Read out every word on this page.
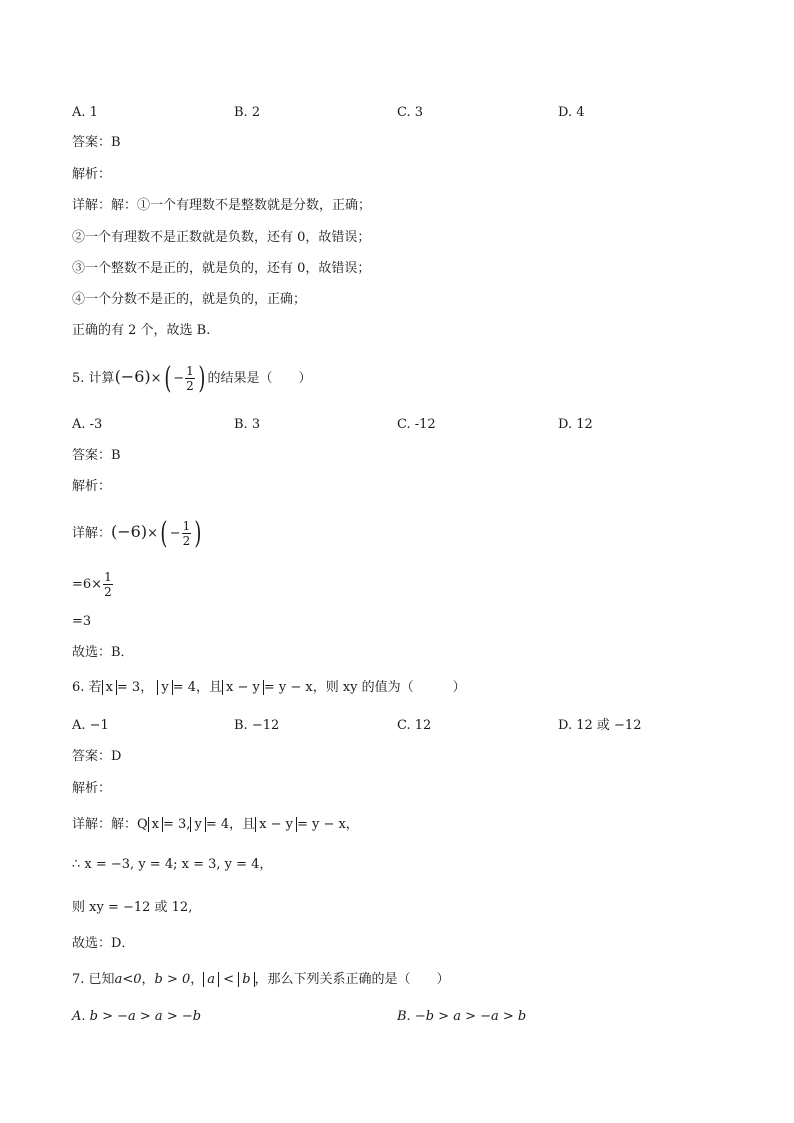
A. 1	B. 2	C. 3	D. 4
答案：B
解析：
详解：解：①一个有理数不是整数就是分数，正确；
②一个有理数不是正数就是负数，还有 0，故错误；
③一个整数不是正的，就是负的，还有 0，故错误；
④一个分数不是正的，就是负的，正确；
正确的有 2 个，故选 B.
5. 计算$(-6)\times( - \frac{1}{2}$ ) 的结果是（　　）
A. -3	B. 3	C. -12	D. 12
答案：B
解析：
详解：$(-6)\times( - \frac{1}{2}$ )
$=6\times \frac{1}{2}$
=3
故选：B．
6. 若 x = 3， y = 4，且 x − y = y − x，则 xy 的值为（　　　）
A. −1	B. −12	C. 12	D. 12 或 −12
答案：D
解析：
详解：解：Q x = 3, y = 4，且 x − y = y − x，
∴ x = −3, y = 4; x = 3, y = 4，
则 xy = −12 或 12,
故选：D．
7. 已知a<0，b > 0， a < b ，那么下列关系正确的是（　　）
A. b > −a > a > −b	B. −b > a > −a > b
